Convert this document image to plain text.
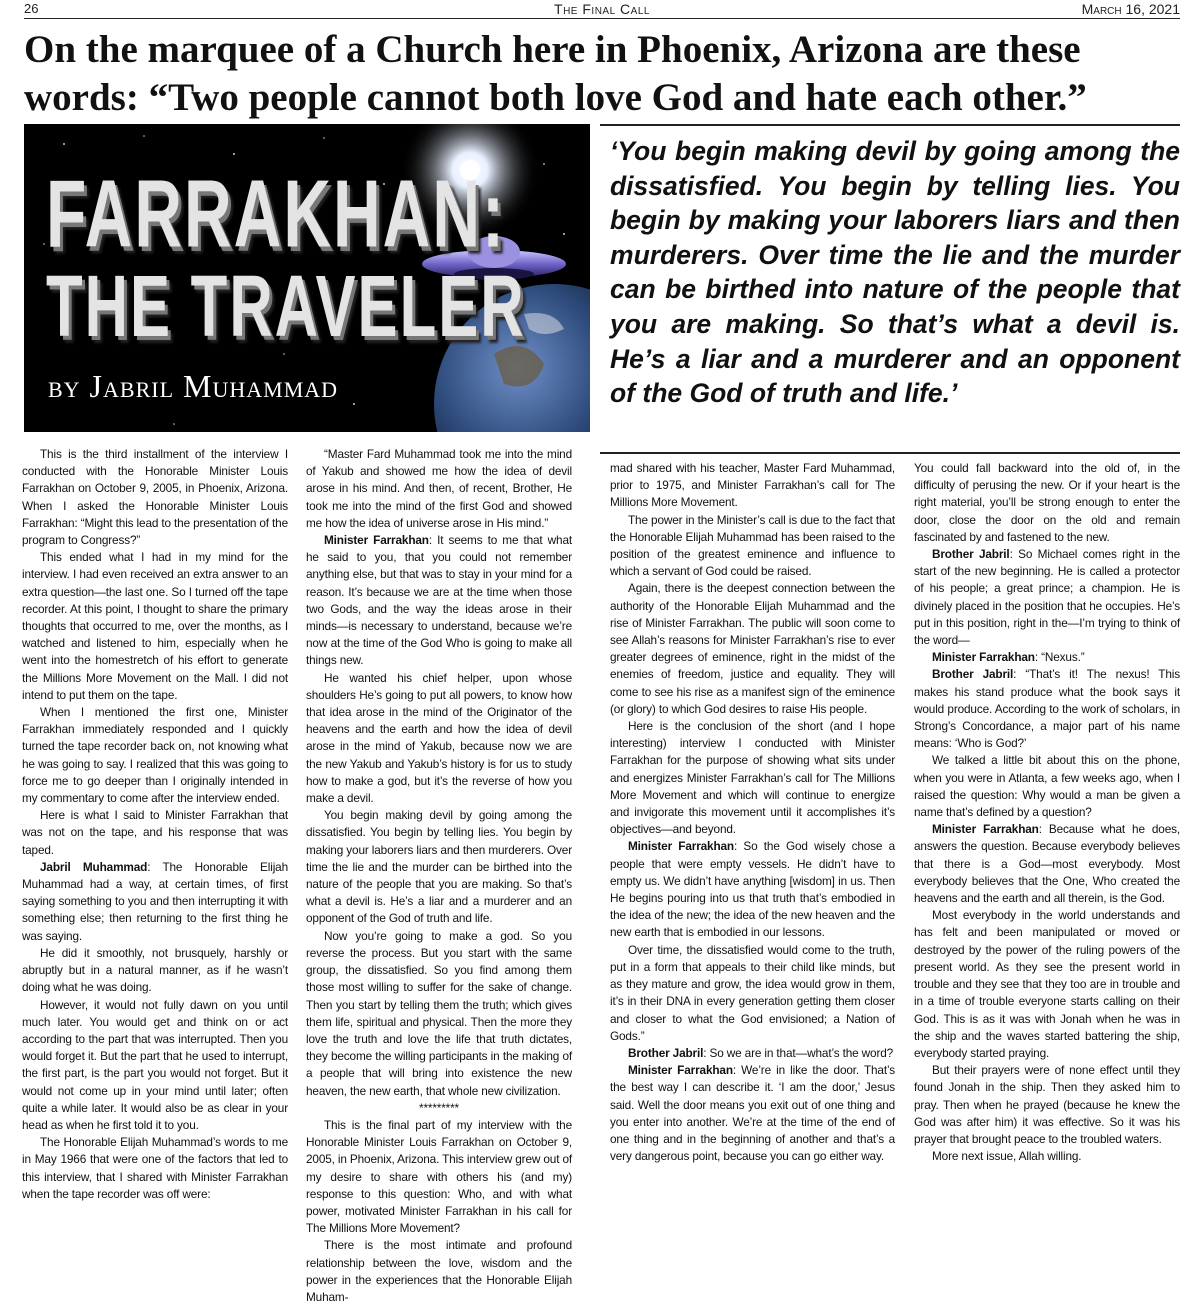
26	The Final Call	March 16, 2021
On the marquee of a Church here in Phoenix, Arizona are these words: “Two people cannot both love God and hate each other.”
FARRAKHAN:
THE TRAVELER
by Jabril Muhammad
‘You begin making devil by going among the dissatisfied. You begin by telling lies. You begin by making your laborers liars and then murderers. Over time the lie and the murder can be birthed into nature of the people that you are making. So that’s what a devil is. He’s a liar and a murderer and an opponent of the God of truth and life.’

This is the third installment of the interview I conducted with the Honorable Minister Louis Farrakhan on October 9, 2005, in Phoenix, Arizona. When I asked the Honorable Minister Louis Farrakhan: “Might this lead to the presentation of the program to Congress?”

This ended what I had in my mind for the interview. I had even received an extra answer to an extra question—the last one. So I turned off the tape recorder. At this point, I thought to share the primary thoughts that occurred to me, over the months, as I watched and listened to him, especially when he went into the homestretch of his effort to generate the Millions More Movement on the Mall. I did not intend to put them on the tape.

When I mentioned the first one, Minister Farrakhan immediately responded and I quickly turned the tape recorder back on, not knowing what he was going to say. I realized that this was going to force me to go deeper than I originally intended in my commentary to come after the interview ended.

Here is what I said to Minister Farrakhan that was not on the tape, and his response that was taped.

Jabril Muhammad: The Honorable Elijah Muhammad had a way, at certain times, of first saying something to you and then interrupting it with something else; then returning to the first thing he was saying.

He did it smoothly, not brusquely, harshly or abruptly but in a natural manner, as if he wasn’t doing what he was doing.

However, it would not fully dawn on you until much later. You would get and think on or act according to the part that was interrupted. Then you would forget it. But the part that he used to interrupt, the first part, is the part you would not forget. But it would not come up in your mind until later; often quite a while later. It would also be as clear in your head as when he first told it to you.

The Honorable Elijah Muhammad’s words to me in May 1966 that were one of the factors that led to this interview, that I shared with Minister Farrakhan when the tape recorder was off were:

“Master Fard Muhammad took me into the mind of Yakub and showed me how the idea of devil arose in his mind. And then, of recent, Brother, He took me into the mind of the first God and showed me how the idea of universe arose in His mind.”

Minister Farrakhan: It seems to me that what he said to you, that you could not remember anything else, but that was to stay in your mind for a reason. It’s because we are at the time when those two Gods, and the way the ideas arose in their minds—is necessary to understand, because we’re now at the time of the God Who is going to make all things new.

He wanted his chief helper, upon whose shoulders He’s going to put all powers, to know how that idea arose in the mind of the Originator of the heavens and the earth and how the idea of devil arose in the mind of Yakub, because now we are the new Yakub and Yakub’s history is for us to study how to make a god, but it’s the reverse of how you make a devil.

You begin making devil by going among the dissatisfied. You begin by telling lies. You begin by making your laborers liars and then murderers. Over time the lie and the murder can be birthed into the nature of the people that you are making. So that’s what a devil is. He’s a liar and a murderer and an opponent of the God of truth and life.

Now you’re going to make a god. So you reverse the process. But you start with the same group, the dissatisfied. So you find among them those most willing to suffer for the sake of change. Then you start by telling them the truth; which gives them life, spiritual and physical. Then the more they love the truth and love the life that truth dictates, they become the willing participants in the making of a people that will bring into existence the new heaven, the new earth, that whole new civilization.

*********

This is the final part of my interview with the Honorable Minister Louis Farrakhan on October 9, 2005, in Phoenix, Arizona. This interview grew out of my desire to share with others his (and my) response to this question: Who, and with what power, motivated Minister Farrakhan in his call for The Millions More Movement?

There is the most intimate and profound relationship between the love, wisdom and the power in the experiences that the Honorable Elijah Muham-

mad shared with his teacher, Master Fard Muhammad, prior to 1975, and Minister Farrakhan’s call for The Millions More Movement.

The power in the Minister’s call is due to the fact that the Honorable Elijah Muhammad has been raised to the position of the greatest eminence and influence to which a servant of God could be raised.

Again, there is the deepest connection between the authority of the Honorable Elijah Muhammad and the rise of Minister Farrakhan. The public will soon come to see Allah’s reasons for Minister Farrakhan’s rise to ever greater degrees of eminence, right in the midst of the enemies of freedom, justice and equality. They will come to see his rise as a manifest sign of the eminence (or glory) to which God desires to raise His people.

Here is the conclusion of the short (and I hope interesting) interview I conducted with Minister Farrakhan for the purpose of showing what sits under and energizes Minister Farrakhan’s call for The Millions More Movement and which will continue to energize and invigorate this movement until it accomplishes it’s objectives—and beyond.

Minister Farrakhan: So the God wisely chose a people that were empty vessels. He didn’t have to empty us. We didn’t have anything [wisdom] in us. Then He begins pouring into us that truth that’s embodied in the idea of the new; the idea of the new heaven and the new earth that is embodied in our lessons.

Over time, the dissatisfied would come to the truth, put in a form that appeals to their child like minds, but as they mature and grow, the idea would grow in them, it’s in their DNA in every generation getting them closer and closer to what the God envisioned; a Nation of Gods.”

Brother Jabril: So we are in that—what’s the word?

Minister Farrakhan: We’re in like the door. That’s the best way I can describe it. ‘I am the door,’ Jesus said. Well the door means you exit out of one thing and you enter into another. We’re at the time of the end of one thing and in the beginning of another and that’s a very dangerous point, because you can go either way.

You could fall backward into the old of, in the difficulty of perusing the new. Or if your heart is the right material, you’ll be strong enough to enter the door, close the door on the old and remain fascinated by and fastened to the new.

Brother Jabril: So Michael comes right in the start of the new beginning. He is called a protector of his people; a great prince; a champion. He is divinely placed in the position that he occupies. He’s put in this position, right in the—I’m trying to think of the word—

Minister Farrakhan: “Nexus.”

Brother Jabril: “That’s it! The nexus! This makes his stand produce what the book says it would produce. According to the work of scholars, in Strong’s Concordance, a major part of his name means: ‘Who is God?’

We talked a little bit about this on the phone, when you were in Atlanta, a few weeks ago, when I raised the question: Why would a man be given a name that’s defined by a question?

Minister Farrakhan: Because what he does, answers the question. Because everybody believes that there is a God—most everybody. Most everybody believes that the One, Who created the heavens and the earth and all therein, is the God.

Most everybody in the world understands and has felt and been manipulated or moved or destroyed by the power of the ruling powers of the present world. As they see the present world in trouble and they see that they too are in trouble and in a time of trouble everyone starts calling on their God. This is as it was with Jonah when he was in the ship and the waves started battering the ship, everybody started praying.

But their prayers were of none effect until they found Jonah in the ship. Then they asked him to pray. Then when he prayed (because he knew the God was after him) it was effective. So it was his prayer that brought peace to the troubled waters.

More next issue, Allah willing.
